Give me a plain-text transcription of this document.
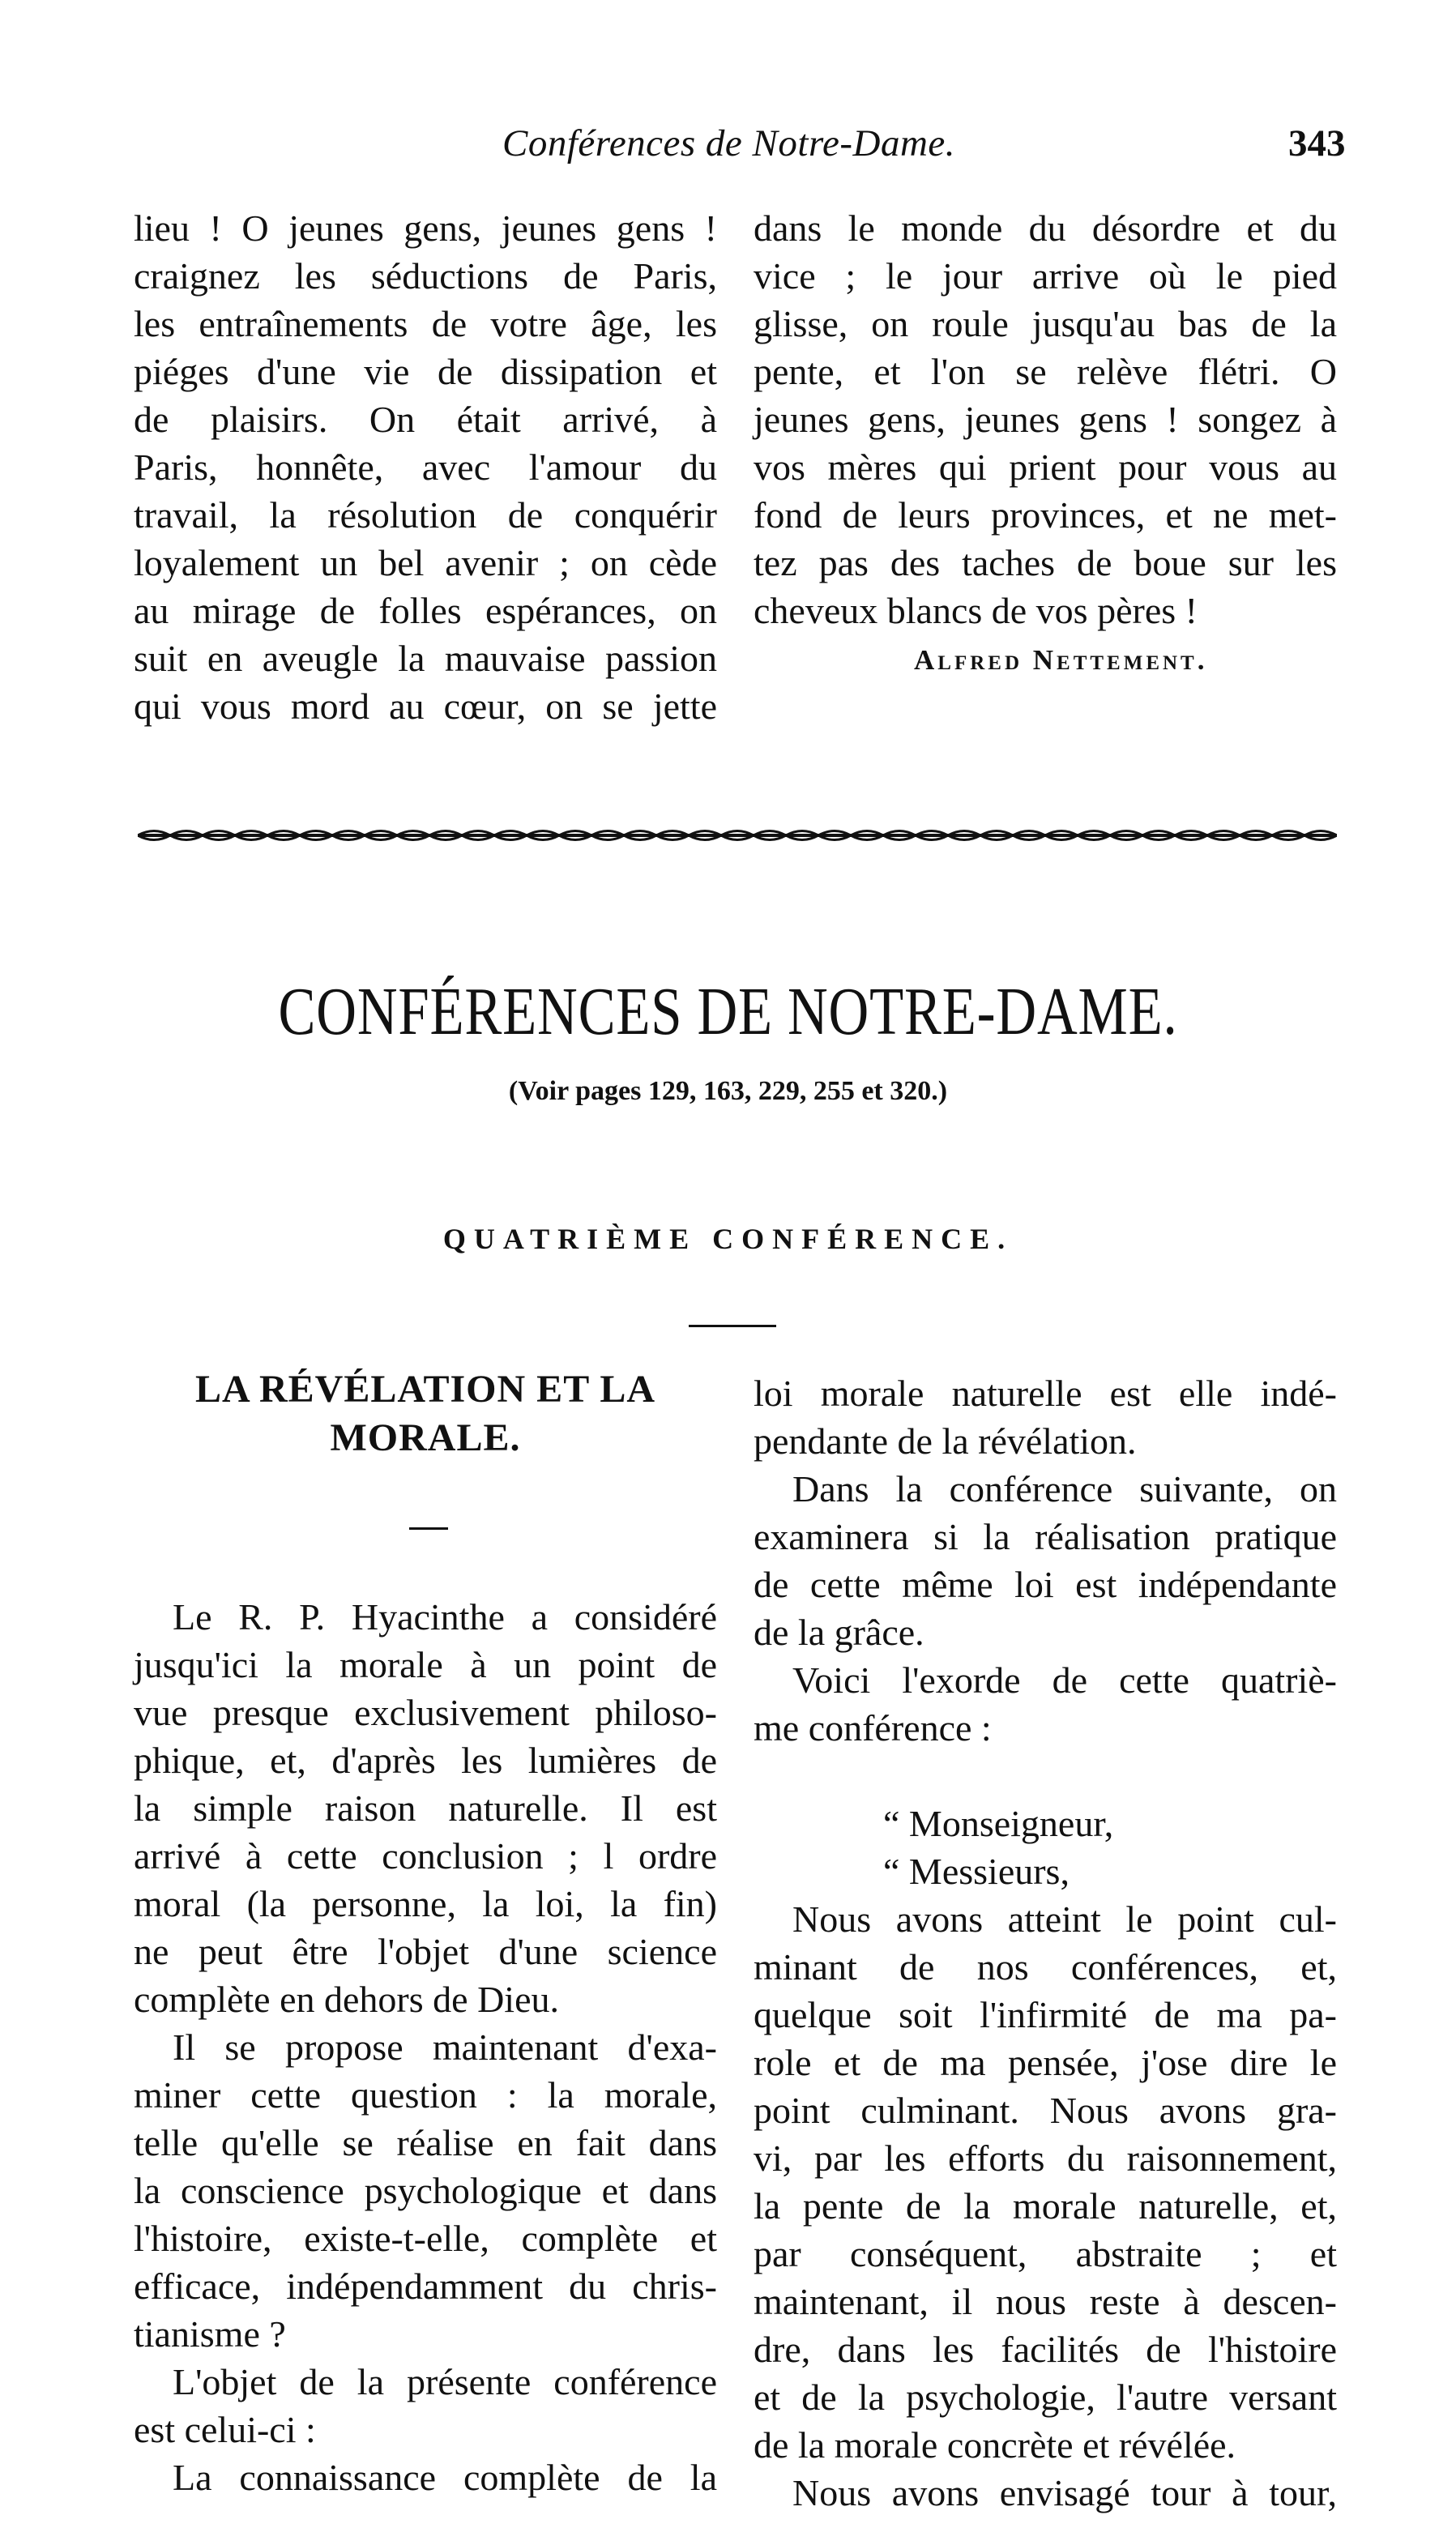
Conférences de Notre-Dame.	343
lieu ! O jeunes gens, jeunes gens !
craignez les séductions de Paris,
les entraînements de votre âge, les
piéges d'une vie de dissipation et
de plaisirs. On était arrivé, à
Paris, honnête, avec l'amour du
travail, la résolution de conquérir
loyalement un bel avenir ; on cède
au mirage de folles espérances, on
suit en aveugle la mauvaise passion
qui vous mord au cœur, on se jette
dans le monde du désordre et du
vice ; le jour arrive où le pied
glisse, on roule jusqu'au bas de la
pente, et l'on se relève flétri. O
jeunes gens, jeunes gens ! songez à
vos mères qui prient pour vous au
fond de leurs provinces, et ne met-
tez pas des taches de boue sur les
cheveux blancs de vos pères !
Alfred Nettement.
CONFÉRENCES DE NOTRE-DAME.
(Voir pages 129, 163, 229, 255 et 320.)
QUATRIÈME CONFÉRENCE.
LA RÉVÉLATION ET LA
MORALE.
Le R. P. Hyacinthe a considéré
jusqu'ici la morale à un point de
vue presque exclusivement philoso-
phique, et, d'après les lumières de
la simple raison naturelle. Il est
arrivé à cette conclusion ; l ordre
moral (la personne, la loi, la fin)
ne peut être l'objet d'une science
complète en dehors de Dieu.
Il se propose maintenant d'exa-
miner cette question : la morale,
telle qu'elle se réalise en fait dans
la conscience psychologique et dans
l'histoire, existe-t-elle, complète et
efficace, indépendamment du chris-
tianisme ?
L'objet de la présente conférence
est celui-ci :
La connaissance complète de la
loi morale naturelle est elle indé-
pendante de la révélation.
Dans la conférence suivante, on
examinera si la réalisation pratique
de cette même loi est indépendante
de la grâce.
Voici l'exorde de cette quatriè-
me conférence :
“ Monseigneur,
“ Messieurs,
Nous avons atteint le point cul-
minant de nos conférences, et,
quelque soit l'infirmité de ma pa-
role et de ma pensée, j'ose dire le
point culminant. Nous avons gra-
vi, par les efforts du raisonnement,
la pente de la morale naturelle, et,
par conséquent, abstraite ; et
maintenant, il nous reste à descen-
dre, dans les facilités de l'histoire
et de la psychologie, l'autre versant
de la morale concrète et révélée.
Nous avons envisagé tour à tour,
